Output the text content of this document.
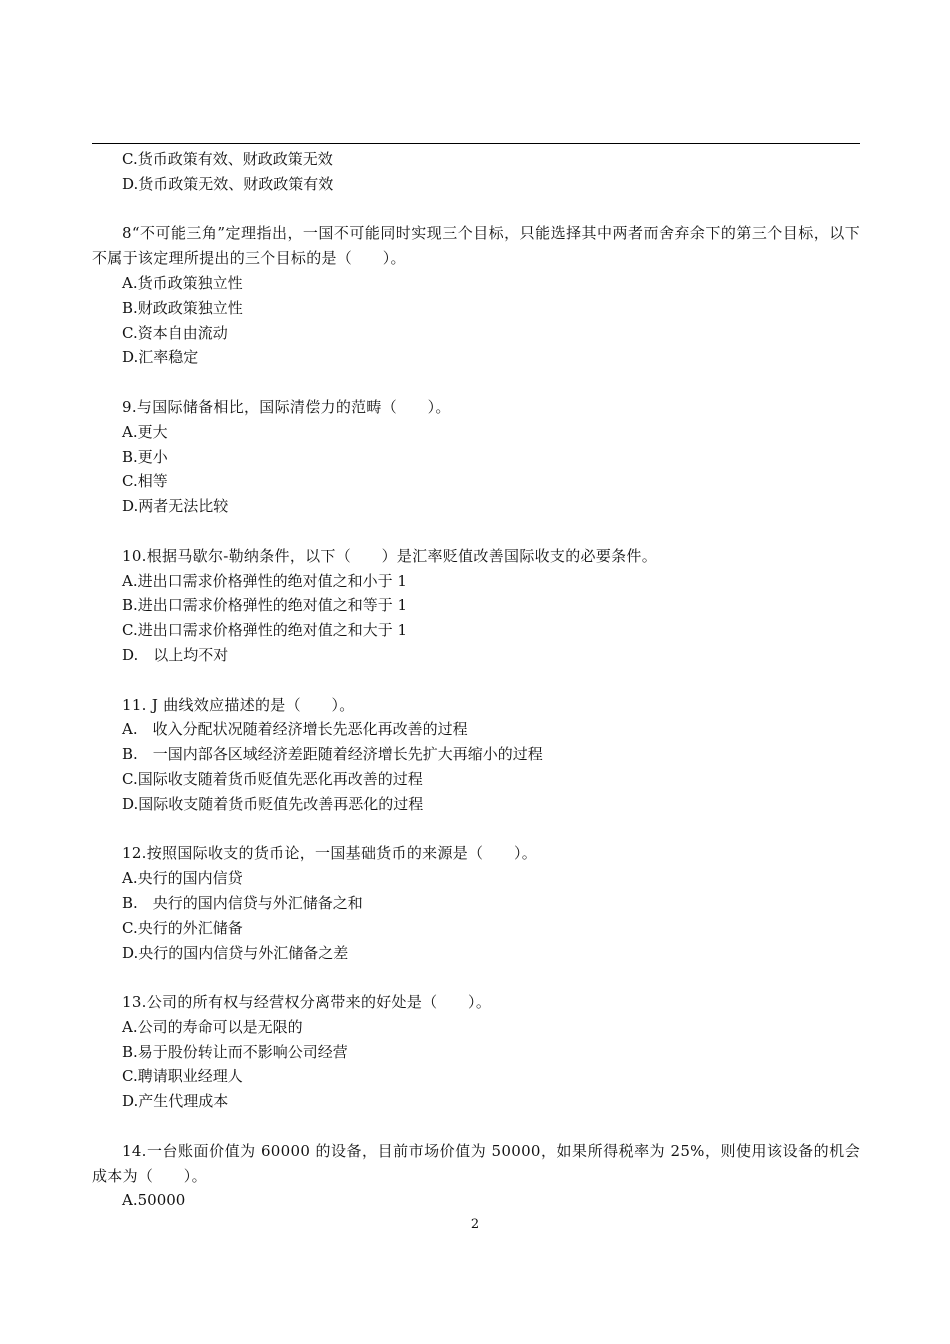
C.货币政策有效、财政政策无效
D.货币政策无效、财政政策有效
8“不可能三角”定理指出，一国不可能同时实现三个目标，只能选择其中两者而舍弃余下的第三个目标，以下不属于该定理所提出的三个目标的是（　　）。
A.货币政策独立性
B.财政政策独立性
C.资本自由流动
D.汇率稳定
9.与国际储备相比，国际清偿力的范畴（　　）。
A.更大
B.更小
C.相等
D.两者无法比较
10.根据马歇尔-勒纳条件，以下（　　）是汇率贬值改善国际收支的必要条件。
A.进出口需求价格弹性的绝对值之和小于 1
B.进出口需求价格弹性的绝对值之和等于 1
C.进出口需求价格弹性的绝对值之和大于 1
D.　以上均不对
11. J 曲线效应描述的是（　　）。
A.　收入分配状况随着经济增长先恶化再改善的过程
B.　一国内部各区域经济差距随着经济增长先扩大再缩小的过程
C.国际收支随着货币贬值先恶化再改善的过程
D.国际收支随着货币贬值先改善再恶化的过程
12.按照国际收支的货币论，一国基础货币的来源是（　　）。
A.央行的国内信贷
B.　央行的国内信贷与外汇储备之和
C.央行的外汇储备
D.央行的国内信贷与外汇储备之差
13.公司的所有权与经营权分离带来的好处是（　　）。
A.公司的寿命可以是无限的
B.易于股份转让而不影响公司经营
C.聘请职业经理人
D.产生代理成本
14.一台账面价值为 60000 的设备，目前市场价值为 50000，如果所得税率为 25%，则使用该设备的机会成本为（　　）。
A.50000
2
